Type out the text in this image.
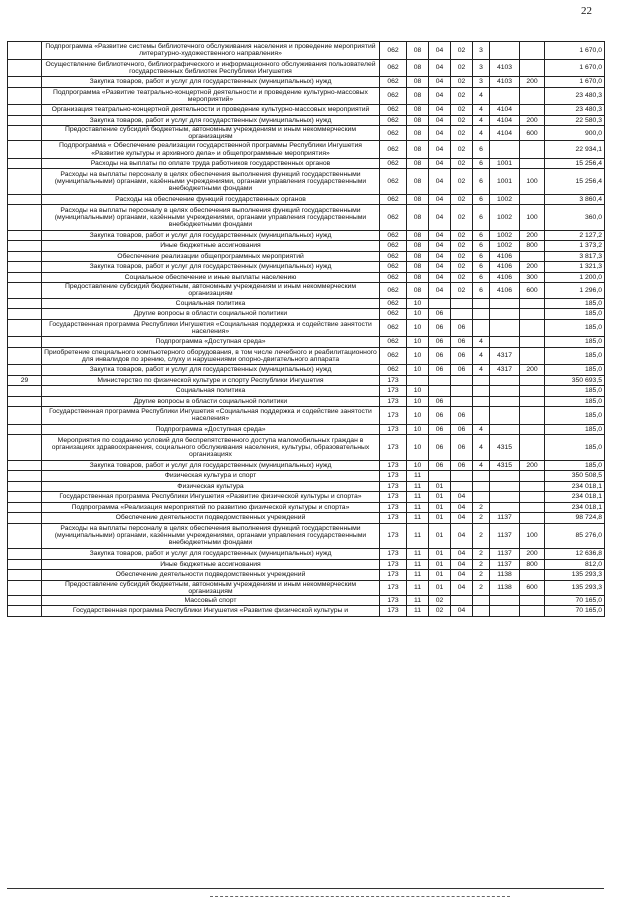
22
	Подпрограмма «Развитие системы библиотечного обслуживания населения и проведение мероприятий литературно-художественного направления»	062	08	04	02	3			1 670,0
	Осуществление библиотечного, библиографического и информационного обслуживания пользователей государственных библиотек Республики Ингушетия	062	08	04	02	3	4103		1 670,0
	Закупка товаров, работ и услуг для государственных (муниципальных) нужд	062	08	04	02	3	4103	200	1 670,0
	Подпрограмма «Развитие театрально-концертной деятельности и проведение культурно-массовых мероприятий»	062	08	04	02	4			23 480,3
	Организация театрально-концертной деятельности и проведение культурно-массовых мероприятий	062	08	04	02	4	4104		23 480,3
	Закупка товаров, работ и услуг для государственных (муниципальных) нужд	062	08	04	02	4	4104	200	22 580,3
	Предоставление субсидий бюджетным, автономным учреждениям и иным некоммерческим организациям	062	08	04	02	4	4104	600	900,0
	Подпрограмма « Обеспечение реализации государственной программы Республики Ингушетия «Развитие культуры и архивного дела» и общепрограммные мероприятия»	062	08	04	02	6			22 934,1
	Расходы на выплаты по оплате труда работников государственных органов	062	08	04	02	6	1001		15 256,4
	Расходы на выплаты персоналу в целях обеспечения выполнения функций государственными (муниципальными) органами, казёнными учреждениями, органами управления государственными внебюджетными фондами	062	08	04	02	6	1001	100	15 256,4
	Расходы на обеспечение функций государственных органов	062	08	04	02	6	1002		3 860,4
	Расходы на выплаты персоналу в целях обеспечения выполнения функций государственными (муниципальными) органами, казёнными учреждениями, органами управления государственными внебюджетными фондами	062	08	04	02	6	1002	100	360,0
	Закупка товаров, работ и услуг для государственных (муниципальных) нужд	062	08	04	02	6	1002	200	2 127,2
	Иные бюджетные ассигнования	062	08	04	02	6	1002	800	1 373,2
	Обеспечение реализации общепрограммных мероприятий	062	08	04	02	6	4106		3 817,3
	Закупка товаров, работ и услуг для государственных (муниципальных) нужд	062	08	04	02	6	4106	200	1 321,3
	Социальное обеспечение и иные выплаты населению	062	08	04	02	6	4106	300	1 200,0
	Предоставление субсидий бюджетным, автономным учреждениям и иным некоммерческим организациям	062	08	04	02	6	4106	600	1 296,0
	Социальная политика	062	10						185,0
	Другие вопросы в области социальной политики	062	10	06					185,0
	Государственная программа Республики Ингушетия «Социальная поддержка и содействие занятости населения»	062	10	06	06				185,0
	Подпрограмма «Доступная среда»	062	10	06	06	4			185,0
	Приобретение специального компьютерного оборудования, в том числе лечебного и реабилитационного для инвалидов по зрению, слуху и нарушениями опорно-двигательного аппарата	062	10	06	06	4	4317		185,0
	Закупка товаров, работ и услуг для государственных (муниципальных) нужд	062	10	06	06	4	4317	200	185,0
29	Министерство по физической культуре и спорту Республики Ингушетия	173							350 693,5
	Социальная политика	173	10						185,0
	Другие вопросы в области социальной политики	173	10	06					185,0
	Государственная программа Республики Ингушетия «Социальная поддержка и содействие занятости населения»	173	10	06	06				185,0
	Подпрограмма «Доступная среда»	173	10	06	06	4			185,0
	Мероприятия по созданию условий для беспрепятственного доступа маломобильных граждан в организациях здравоохранения, социального обслуживания населения, культуры, образовательных организациях	173	10	06	06	4	4315		185,0
	Закупка товаров, работ и услуг для государственных (муниципальных) нужд	173	10	06	06	4	4315	200	185,0
	Физическая культура и спорт	173	11						350 508,5
	Физическая культура	173	11	01					234 018,1
	Государственная программа Республики Ингушетия «Развитие физической культуры и спорта»	173	11	01	04				234 018,1
	Подпрограмма «Реализация мероприятий по развитию физической культуры и спорта»	173	11	01	04	2			234 018,1
	Обеспечение деятельности подведомственных учреждений	173	11	01	04	2	1137		98 724,8
	Расходы на выплаты персоналу в целях обеспечения выполнения функций государственными (муниципальными) органами, казёнными учреждениями, органами управления государственными внебюджетными фондами	173	11	01	04	2	1137	100	85 276,0
	Закупка товаров, работ и услуг для государственных (муниципальных) нужд	173	11	01	04	2	1137	200	12 636,8
	Иные бюджетные ассигнования	173	11	01	04	2	1137	800	812,0
	Обеспечение деятельности подведомственных учреждений	173	11	01	04	2	1138		135 293,3
	Предоставление субсидий бюджетным, автономным учреждениям и иным некоммерческим организациям	173	11	01	04	2	1138	600	135 293,3
	Массовый спорт	173	11	02					70 165,0
	Государственная программа Республики Ингушетия «Развитие физической культуры и	173	11	02	04				70 165,0
